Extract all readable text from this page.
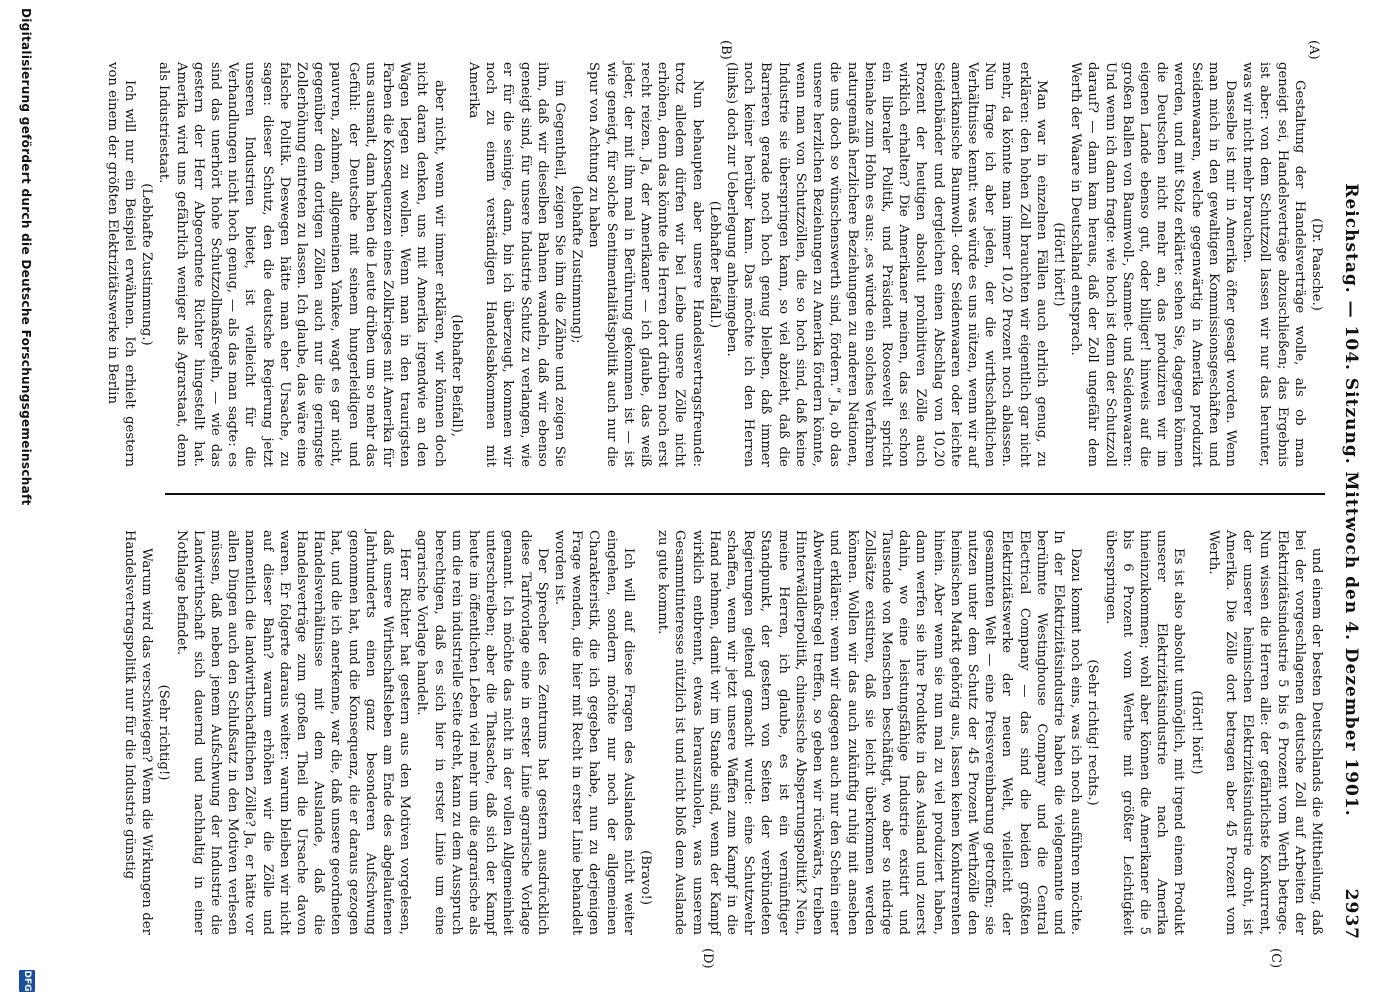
Reichstag. — 104. Sitzung. Mittwoch den 4. Dezember 1901.
2937
(A)
(B)
(C)
(D)

(Dr. Paasche.)

Gestaltung der Handelsverträge wolle, als ob man geneigt sei, Handelsverträge abzuschließen; das Ergebnis ist aber: von dem Schutzzoll lassen wir nur das herunter, was wir nicht mehr brauchen.

Dasselbe ist mir in Amerika öfter gesagt worden. Wenn man mich in den gewaltigen Kommissionsgeschäften und Seidenwaaren, welche gegenwärtig in Amerika produzirt werden, und mit Stolz erklärte: sehen Sie, dagegen können die Deutschen nicht mehr an, das produziren wir im eigenen Lande ebenso gut, oder billiger! hinweis auf die großen Ballen von Baumwoll-, Sammet- und Seidenwaaren: Und wenn ich dann fragte: wie hoch ist denn der Schutzzoll darauf? — dann kam heraus, daß der Zoll ungefähr dem Werth der Waare in Deutschland entsprach.

(Hört! hört!)

Man war in einzelnen Fällen auch ehrlich genug, zu erklären: den hohen Zoll brauchten wir eigentlich gar nicht mehr, da könnte man immer 10,20 Prozent noch ablassen. Nun frage ich aber jeden, der die wirthschaftlichen Verhältnisse kennt: was würde es uns nützen, wenn wir auf amerikanische Baumwoll- oder Seidenwaaren oder leichte Seidenbänder und dergleichen einen Abschlag von 10,20 Prozent der heutigen absolut prohibitiven Zölle auch wirklich erhalten? Die Amerikaner meinen, das sei schon ein liberaler Politik, und Präsident Roosevelt spricht beinahe zum Hohn es aus: „es würde ein solches Verfahren naturgemäß herzlichere Beziehungen zu anderen Nationen, die uns doch so wünschenswerth sind, fördern.“ Ja, ob das unsere herzlichen Beziehungen zu Amerika fördern könnte, wenn man von Schutzzöllen, die so hoch sind, daß keine Industrie sie überspringen kann, so viel abzieht, daß die Barrieren gerade noch hoch genug bleiben, daß immer noch keiner herüber kann. Das möchte ich den Herren (links) doch zur Ueberlegung anheimgeben.

(Lebhafter Beifall.)

Nun behaupten aber unsere Handelsvertragsfreunde: trotz alledem dürfen wir bei Leibe unsere Zölle nicht erhöhen, denn das könnte die Herren dort drüben noch erst recht reizen. Ja, der Amerikaner — ich glaube, das weiß jeder, der mit ihm mal in Berührung gekommen ist — ist wie geneigt, für solche Sentimentalitätspolitik auch nur die Spur von Achtung zu haben

(lebhafte Zustimmung);

im Gegentheil, zeigen Sie ihm die Zähne und zeigen Sie ihm, daß wir dieselben Bahnen wandeln, daß wir ebenso geneigt sind, für unsere Industrie Schutz zu verlangen, wie er für die seinige, dann, bin ich überzeugt, kommen wir noch zu einem verständigen Handelsabkommen mit Amerika

(lebhafter Beifall),

aber nicht, wenn wir immer erklären, wir können doch nicht daran denken, uns mit Amerika irgendwie an den Wagen legen zu wollen. Wenn man in den traurigsten Farben die Konsequenzen eines Zollkrieges mit Amerika für uns ausmalt, dann haben die Leute drüben um so mehr das Gefühl: der Deutsche mit seinem hungerleidigen und pauvren, zahmen, allgemeinen Yankee, wagt es gar nicht, gegenüber dem dortigen Zöllen auch nur die geringste Zollerhöhung eintreten zu lassen. Ich glaube, das wäre eine falsche Politik. Deswegen hätte man eher Ursache, zu sagen: dieser Schutz, den die deutsche Regierung jetzt unseren Industrien bietet, ist vielleicht für die Verhandlungen nicht hoch genug, — als das man sagte: es sind das unerhört hohe Schutzzollmaßregeln, — wie das gestern der Herr Abgeordnete Richter hingestellt hat. Amerika wird uns gefährlich weniger als Agrarstaat, denn als Industriestaat.

(Lebhafte Zustimmung.)

Ich will nur ein Beispiel erwähnen. Ich erhielt gestern von einem der größten Elektrizitätswerke in Berlin

und einem der besten Deutschlands die Mittheilung, daß bei der vorgeschlagenen deutsche Zoll auf Arbeiten der Elektrizitätsindustrie 5 bis 6 Prozent vom Werth betrage. Nun wissen die Herren alle: der gefährlichste Konkurrent, der unserer heimischen Elektrizitätsindustrie droht, ist Amerika. Die Zölle dort betragen aber 45 Prozent vom Werth.

(Hört! hört!)

Es ist also absolut unmöglich, mit irgend einem Produkt unserer Elektrizitätsindustrie nach Amerika hineinzukommen; wohl aber können die Amerikaner die 5 bis 6 Prozent vom Werthe mit größter Leichtigkeit überspringen.

(Sehr richtig! rechts.)

Dazu kommt noch eins, was ich noch ausführen möchte. In der Elektrizitätsindustrie haben die vielgenannte und berühmte Westinghouse Company und die Central Electrical Company — das sind die beiden größten Elektrizitätswerke der neuen Welt, vielleicht der gesammten Welt — eine Preisvereinbarung getroffen; sie nutzen unter dem Schutz der 45 Prozent Werthzölle den heimischen Markt gehörig aus, lassen keinen Konkurrenten hinein. Aber wenn sie nun mal zu viel produziert haben, dann werfen sie ihre Produkte in das Ausland und zuerst dahin, wo eine leistungsfähige Industrie existirt und Tausende von Menschen beschäftigt, wo aber so niedrige Zollsätze existiren, daß sie leicht überkommen werden können. Wollen wir das auch zukünftig ruhig mit ansehen und erklären: wenn wir dagegen auch nur den Schein einer Abwehrmaßregel treffen, so geben wir rückwärts, treiben Hinterwäldlerpolitik, chinesische Absperrungspolitik? Nein, meine Herren, ich glaube, es ist ein vernünftiger Standpunkt, der gestern von Seiten der verbündeten Regierungen geltend gemacht wurde: eine Schutzwehr schaffen, wenn wir jetzt unsere Waffen zum Kampf in die Hand nehmen, damit wir im Stande sind, wenn der Kampf wirklich entbrennt, etwas herauszuholen, was unserem Gesammtinteresse nützlich ist und nicht bloß dem Auslande zu gute kommt.

(Bravo!)

Ich will auf diese Fragen des Auslandes nicht weiter eingehen, sondern möchte nur noch der allgemeinen Charakteristik, die ich gegeben habe, nun zu derjenigen Frage wenden, die hier mit Recht in erster Linie behandelt worden ist.

Der Sprecher des Zentrums hat gestern ausdrücklich diese Tarifvorlage eine in erster Linie agrarische Vorlage genannt. Ich möchte das nicht in der vollen Allgemeinheit unterschreiben; aber die Thatsache, daß sich der Kampf heute im öffentlichen Leben viel mehr um die agrarische als um die rein industrielle Seite dreht, kann zu dem Ausspruch berechtigen, daß es sich hier in erster Linie um eine agrarische Vorlage handelt.

Herr Richter hat gestern aus den Motiven vorgelesen, daß unsere Wirthschaftsleben am Ende des abgelaufenen Jahrhunderts einen ganz besonderen Aufschwung genommen hat, und die Konsequenz, die er daraus gezogen hat, und die ich anerkenne, war die, daß unsere geordneten Handelsverhältnisse mit dem Auslande, daß die Handelsverträge zum großen Theil die Ursache davon waren. Er folgerte daraus weiter: warum bleiben wir nicht auf dieser Bahn? warum erhöhen wir die Zölle und namentlich die landwirthschaftlichen Zölle? Ja, er hätte vor allen Dingen auch den Schlußsatz in den Motiven verlesen müssen, daß neben jenem Aufschwung der Industrie die Landwirthschaft sich dauernd und nachhaltig in einer Nothlage befindet.

(Sehr richtig!)

Warum wird das verschwiegen? Wenn die Wirkungen der Handelsvertragspolitik nur für die Industrie günstig

Digitalisierung gefördert durch die Deutsche Forschungsgemeinschaft
DFG
